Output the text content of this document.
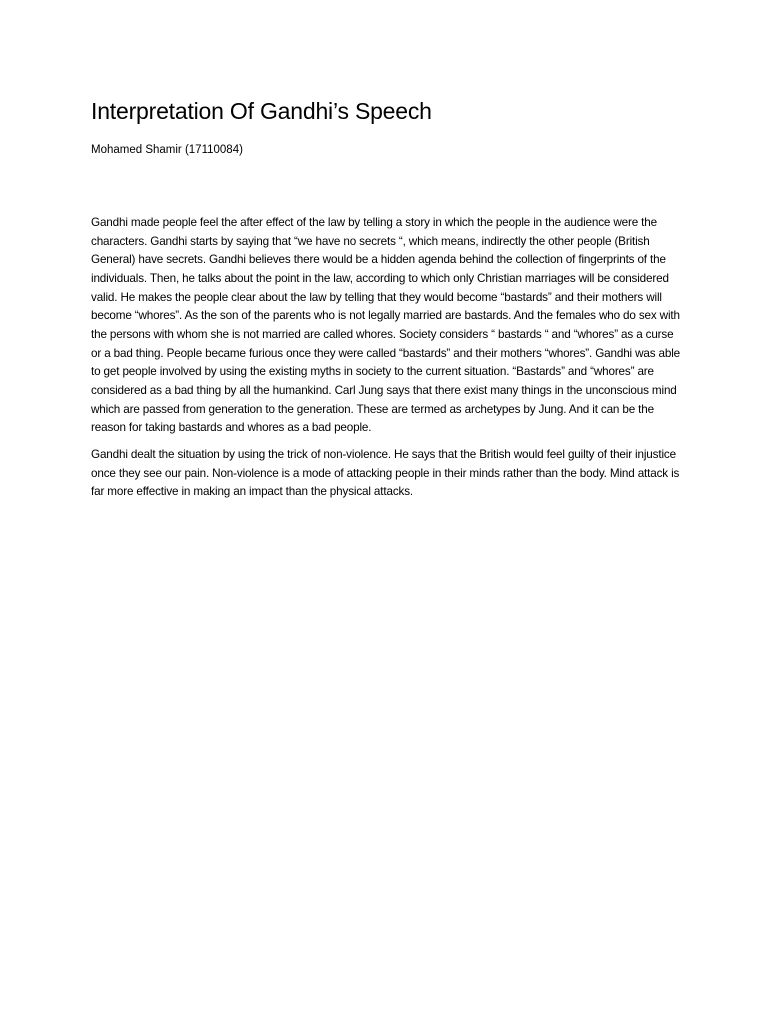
Interpretation Of Gandhi’s Speech
Mohamed Shamir (17110084)

Gandhi made people feel the after effect of the law by telling a story in which the people in the audience were the characters. Gandhi starts by saying that “we have no secrets “, which means, indirectly the other people (British General) have secrets. Gandhi believes there would be a hidden agenda behind the collection of fingerprints of the individuals. Then, he talks about the point in the law, according to which only Christian marriages will be considered valid. He makes the people clear about the law by telling that they would become “bastards” and their mothers will become “whores”. As the son of the parents who is not legally married are bastards. And the females who do sex with the persons with whom she is not married are called whores. Society considers “ bastards “ and “whores” as a curse or a bad thing. People became furious once they were called “bastards” and their mothers “whores”. Gandhi was able to get people involved by using the existing myths in society to the current situation. “Bastards” and “whores” are considered as a bad thing by all the humankind. Carl Jung says that there exist many things in the unconscious mind which are passed from generation to the generation. These are termed as archetypes by Jung. And it can be the reason for taking bastards and whores as a bad people.

Gandhi dealt the situation by using the trick of non-violence. He says that the British would feel guilty of their injustice once they see our pain. Non-violence is a mode of attacking people in their minds rather than the body. Mind attack is far more effective in making an impact than the physical attacks.
